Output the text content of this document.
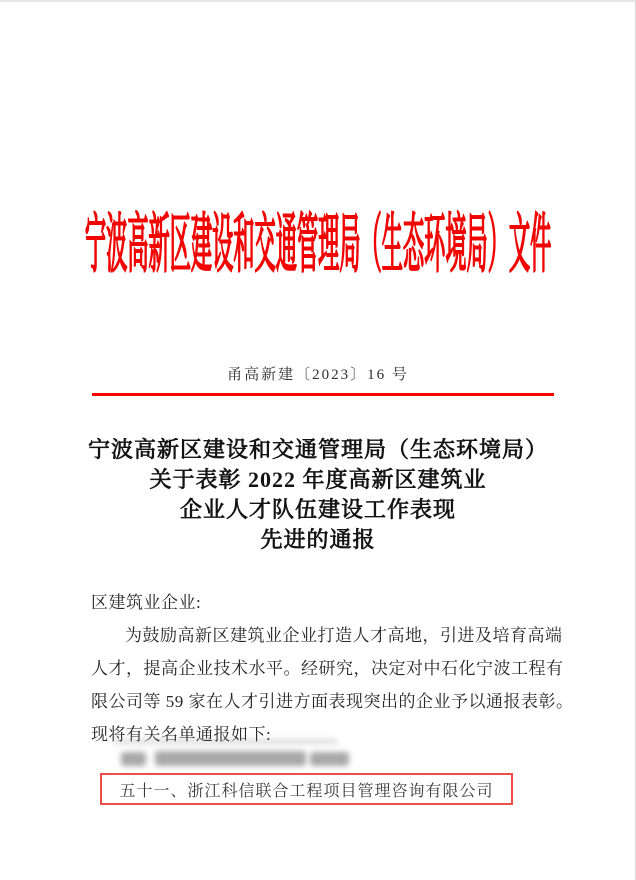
宁波高新区建设和交通管理局（生态环境局）文件
甬高新建〔2023〕16 号
宁波高新区建设和交通管理局（生态环境局）
关于表彰 2022 年度高新区建筑业
企业人才队伍建设工作表现
先进的通报
区建筑业企业:
为鼓励高新区建筑业企业打造人才高地，引进及培育高端
人才，提高企业技术水平。经研究，决定对中石化宁波工程有
限公司等 59 家在人才引进方面表现突出的企业予以通报表彰。
现将有关名单通报如下:
五十一、浙江科信联合工程项目管理咨询有限公司
